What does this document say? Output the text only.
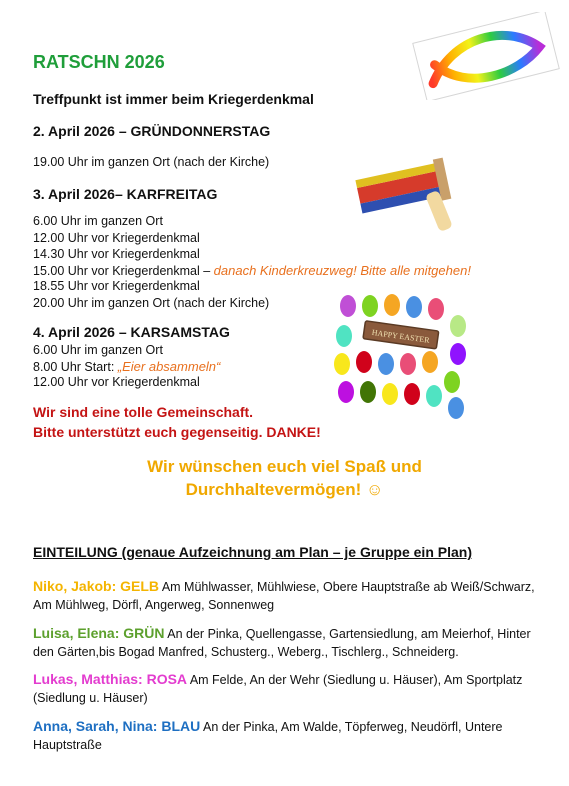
RATSCHN 2026
Treffpunkt ist immer beim Kriegerdenkmal
2. April 2026 – GRÜNDONNERSTAG
19.00 Uhr im ganzen Ort (nach der Kirche)
3. April 2026– KARFREITAG
6.00 Uhr im ganzen Ort
12.00 Uhr vor Kriegerdenkmal
14.30 Uhr vor Kriegerdenkmal
15.00 Uhr vor Kriegerdenkmal – danach Kinderkreuzweg! Bitte alle mitgehen!
18.55 Uhr vor Kriegerdenkmal
20.00 Uhr im ganzen Ort (nach der Kirche)
4. April 2026 – KARSAMSTAG
6.00 Uhr im ganzen Ort
8.00 Uhr Start: „Eier absammeln“
12.00 Uhr vor Kriegerdenkmal
HAPPY EASTER
Wir sind eine tolle Gemeinschaft.
Bitte unterstützt euch gegenseitig. DANKE!
Wir wünschen euch viel Spaß und
Durchhaltevermögen! ☺
EINTEILUNG (genaue Aufzeichnung am Plan – je Gruppe ein Plan)
Niko, Jakob: GELB Am Mühlwasser, Mühlwiese, Obere Hauptstraße ab Weiß/Schwarz, Am Mühlweg, Dörfl, Angerweg, Sonnenweg
Luisa, Elena: GRÜN An der Pinka, Quellengasse, Gartensiedlung, am Meierhof, Hinter den Gärten,bis Bogad Manfred, Schusterg., Weberg., Tischlerg., Schneiderg.
Lukas, Matthias: ROSA Am Felde, An der Wehr (Siedlung u. Häuser), Am Sportplatz (Siedlung u. Häuser)
Anna, Sarah, Nina: BLAU An der Pinka, Am Walde, Töpferweg, Neudörfl, Untere Hauptstraße
